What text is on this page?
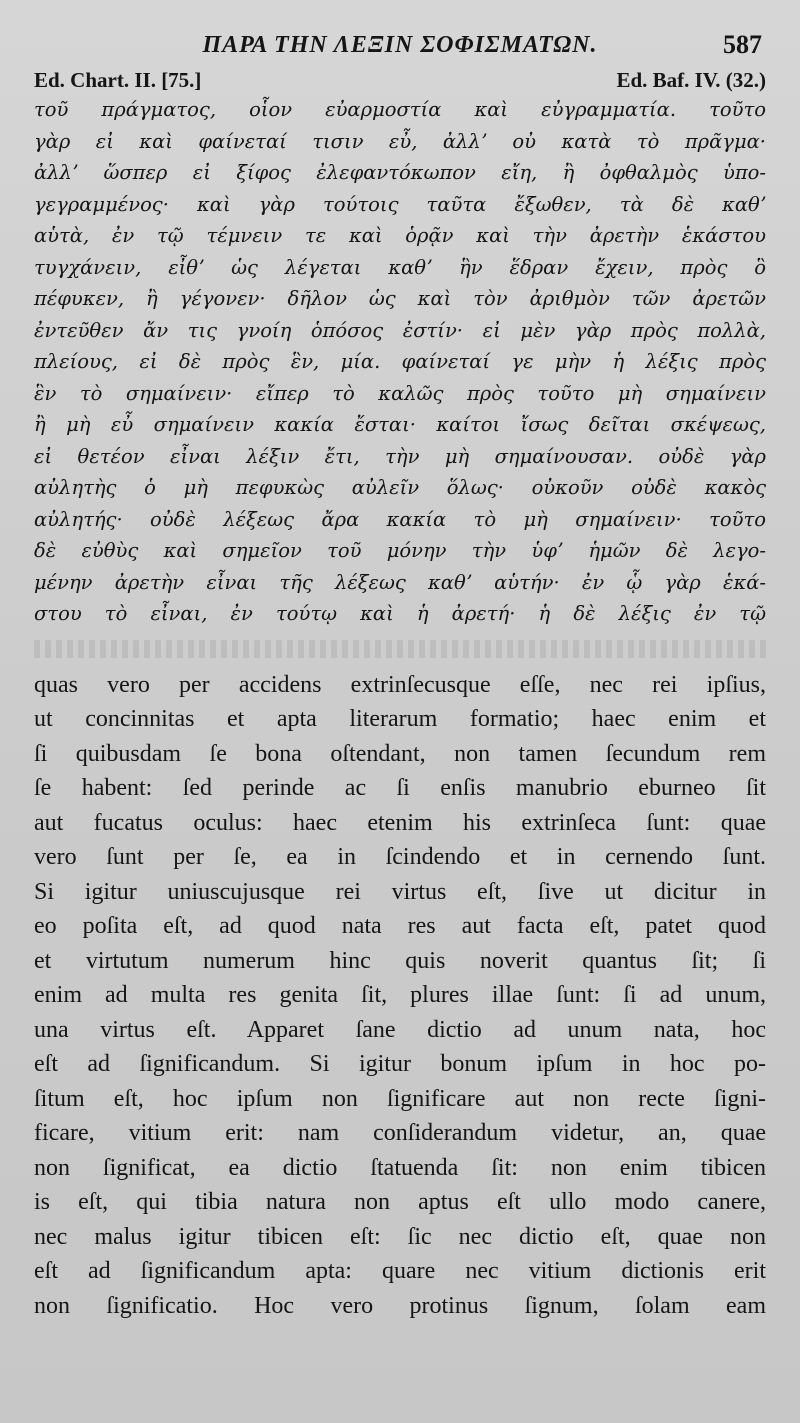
ΠΑΡΑ ΤΗΝ ΛΕΞΙΝ ΣΟΦΙΣΜΑΤΩΝ.	587
Ed. Chart. II. [75.]	Ed. Baf. IV. (32.)
τοῦ πράγματος, οἷον εὐαρμοστία καὶ εὐγραμματία. τοῦτο
γὰρ εἰ καὶ φαίνεταί τισιν εὖ, ἀλλʼ οὐ κατὰ τὸ πρᾶγμα·
ἀλλʼ ὥσπερ εἰ ξίφος ἐλεφαντόκωπον εἴη, ἢ ὀφθαλμὸς ὑπο-
γεγραμμένος· καὶ γὰρ τούτοις ταῦτα ἔξωθεν, τὰ δὲ καθʼ
αὑτὰ, ἐν τῷ τέμνειν τε καὶ ὁρᾷν καὶ τὴν ἀρετὴν ἑκάστου
τυγχάνειν, εἶθʼ ὡς λέγεται καθʼ ἣν ἕδραν ἔχειν, πρὸς ὃ
πέφυκεν, ἢ γέγονεν· δῆλον ὡς καὶ τὸν ἀριθμὸν τῶν ἀρετῶν
ἐντεῦθεν ἄν τις γνοίη ὁπόσος ἐστίν· εἰ μὲν γὰρ πρὸς πολλὰ,
πλείους, εἰ δὲ πρὸς ἓν, μία. φαίνεταί γε μὴν ἡ λέξις πρὸς
ἓν τὸ σημαίνειν· εἴπερ τὸ καλῶς πρὸς τοῦτο μὴ σημαίνειν
ἢ μὴ εὖ σημαίνειν κακία ἔσται· καίτοι ἴσως δεῖται σκέψεως,
εἰ θετέον εἶναι λέξιν ἔτι, τὴν μὴ σημαίνουσαν. οὐδὲ γὰρ
αὐλητὴς ὁ μὴ πεφυκὼς αὐλεῖν ὅλως· οὐκοῦν οὐδὲ κακὸς
αὐλητής· οὐδὲ λέξεως ἄρα κακία τὸ μὴ σημαίνειν· τοῦτο
δὲ εὐθὺς καὶ σημεῖον τοῦ μόνην τὴν ὑφʼ ἡμῶν δὲ λεγο-
μένην ἀρετὴν εἶναι τῆς λέξεως καθʼ αὑτήν· ἐν ᾧ γὰρ ἑκά-
στου τὸ εἶναι, ἐν τούτῳ καὶ ἡ ἀρετή· ἡ δὲ λέξις ἐν τῷ
quas vero per accidens extrinſecusque eſſe, nec rei ipſius,
ut concinnitas et apta literarum formatio; haec enim et
ſi quibusdam ſe bona oſtendant, non tamen ſecundum rem
ſe habent: ſed perinde ac ſi enſis manubrio eburneo ſit
aut fucatus oculus: haec etenim his extrinſeca ſunt: quae
vero ſunt per ſe, ea in ſcindendo et in cernendo ſunt.
Si igitur uniuscujusque rei virtus eſt, ſive ut dicitur in
eo poſita eſt, ad quod nata res aut facta eſt, patet quod
et virtutum numerum hinc quis noverit quantus ſit; ſi
enim ad multa res genita ſit, plures illae ſunt: ſi ad unum,
una virtus eſt. Apparet ſane dictio ad unum nata, hoc
eſt ad ſignificandum. Si igitur bonum ipſum in hoc po-
ſitum eſt, hoc ipſum non ſignificare aut non recte ſigni-
ficare, vitium erit: nam conſiderandum videtur, an, quae
non ſignificat, ea dictio ſtatuenda ſit: non enim tibicen
is eſt, qui tibia natura non aptus eſt ullo modo canere,
nec malus igitur tibicen eſt: ſic nec dictio eſt, quae non
eſt ad ſignificandum apta: quare nec vitium dictionis erit
non ſignificatio. Hoc vero protinus ſignum, ſolam eam
